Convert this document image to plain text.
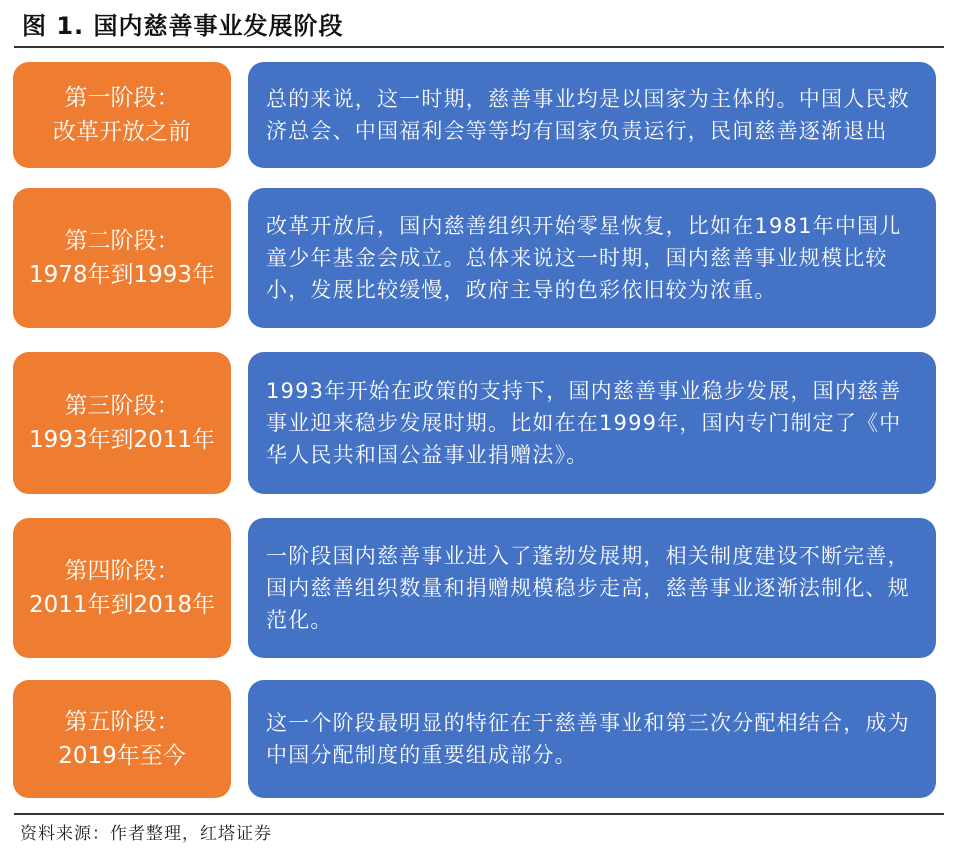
图 1. 国内慈善事业发展阶段
第一阶段：
改革开放之前
总的来说，这一时期，慈善事业均是以国家为主体的。中国人民救济总会、中国福利会等等均有国家负责运行，民间慈善逐渐退出
第二阶段：
1978年到1993年
改革开放后，国内慈善组织开始零星恢复，比如在1981年中国儿童少年基金会成立。总体来说这一时期，国内慈善事业规模比较小，发展比较缓慢，政府主导的色彩依旧较为浓重。
第三阶段：
1993年到2011年
1993年开始在政策的支持下，国内慈善事业稳步发展，国内慈善事业迎来稳步发展时期。比如在在1999年，国内专门制定了《中华人民共和国公益事业捐赠法》。
第四阶段：
2011年到2018年
一阶段国内慈善事业进入了蓬勃发展期，相关制度建设不断完善，国内慈善组织数量和捐赠规模稳步走高，慈善事业逐渐法制化、规范化。
第五阶段：
2019年至今
这一个阶段最明显的特征在于慈善事业和第三次分配相结合，成为中国分配制度的重要组成部分。
资料来源：作者整理，红塔证券
